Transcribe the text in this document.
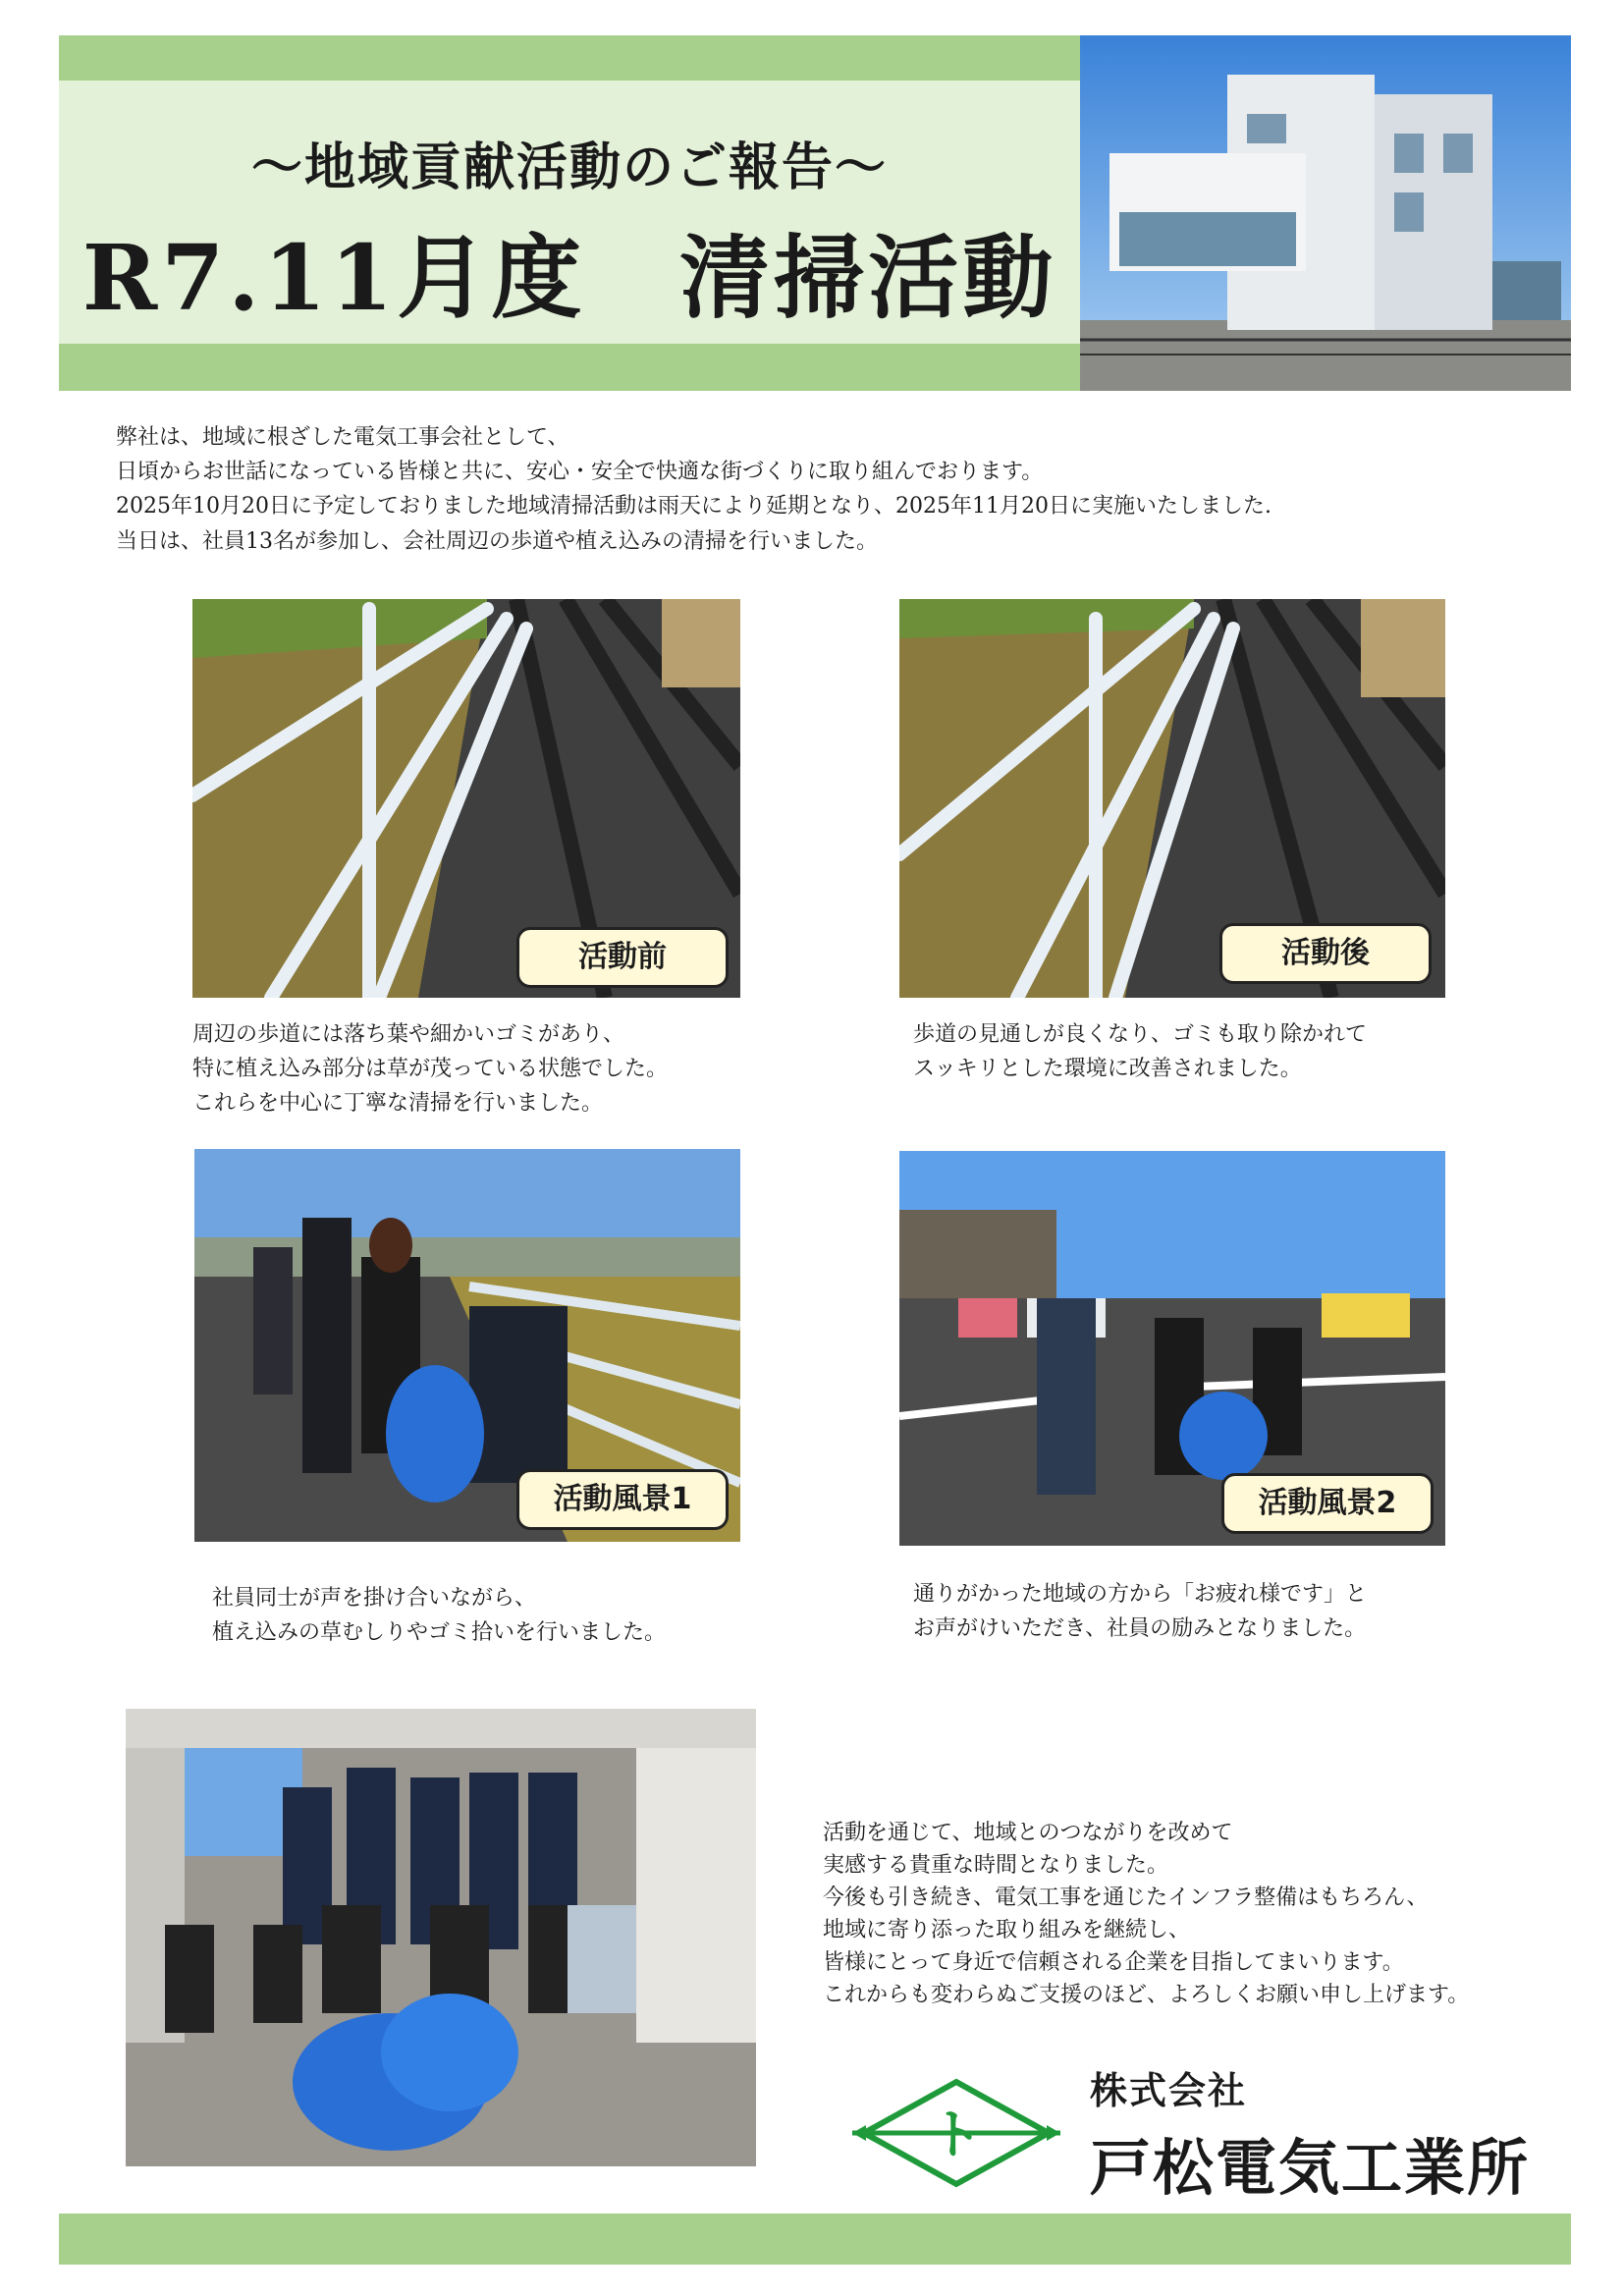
～地域貢献活動のご報告～
R7.11月度　清掃活動

弊社は、地域に根ざした電気工事会社として、

日頃からお世話になっている皆様と共に、安心・安全で快適な街づくりに取り組んでおります。

2025年10月20日に予定しておりました地域清掃活動は雨天により延期となり、2025年11月20日に実施いたしました.

当日は、社員13名が参加し、会社周辺の歩道や植え込みの清掃を行いました。

活動前

周辺の歩道には落ち葉や細かいゴミがあり、

特に植え込み部分は草が茂っている状態でした。

これらを中心に丁寧な清掃を行いました。

活動後

歩道の見通しが良くなり、ゴミも取り除かれて

スッキリとした環境に改善されました。

活動風景1

社員同士が声を掛け合いながら、

植え込みの草むしりやゴミ拾いを行いました。

活動風景2

通りがかった地域の方から「お疲れ様です」と

お声がけいただき、社員の励みとなりました。

活動を通じて、地域とのつながりを改めて

実感する貴重な時間となりました。

今後も引き続き、電気工事を通じたインフラ整備はもちろん、

地域に寄り添った取り組みを継続し、

皆様にとって身近で信頼される企業を目指してまいります。

これからも変わらぬご支援のほど、よろしくお願い申し上げます。

ト
株式会社
戸松電気工業所
